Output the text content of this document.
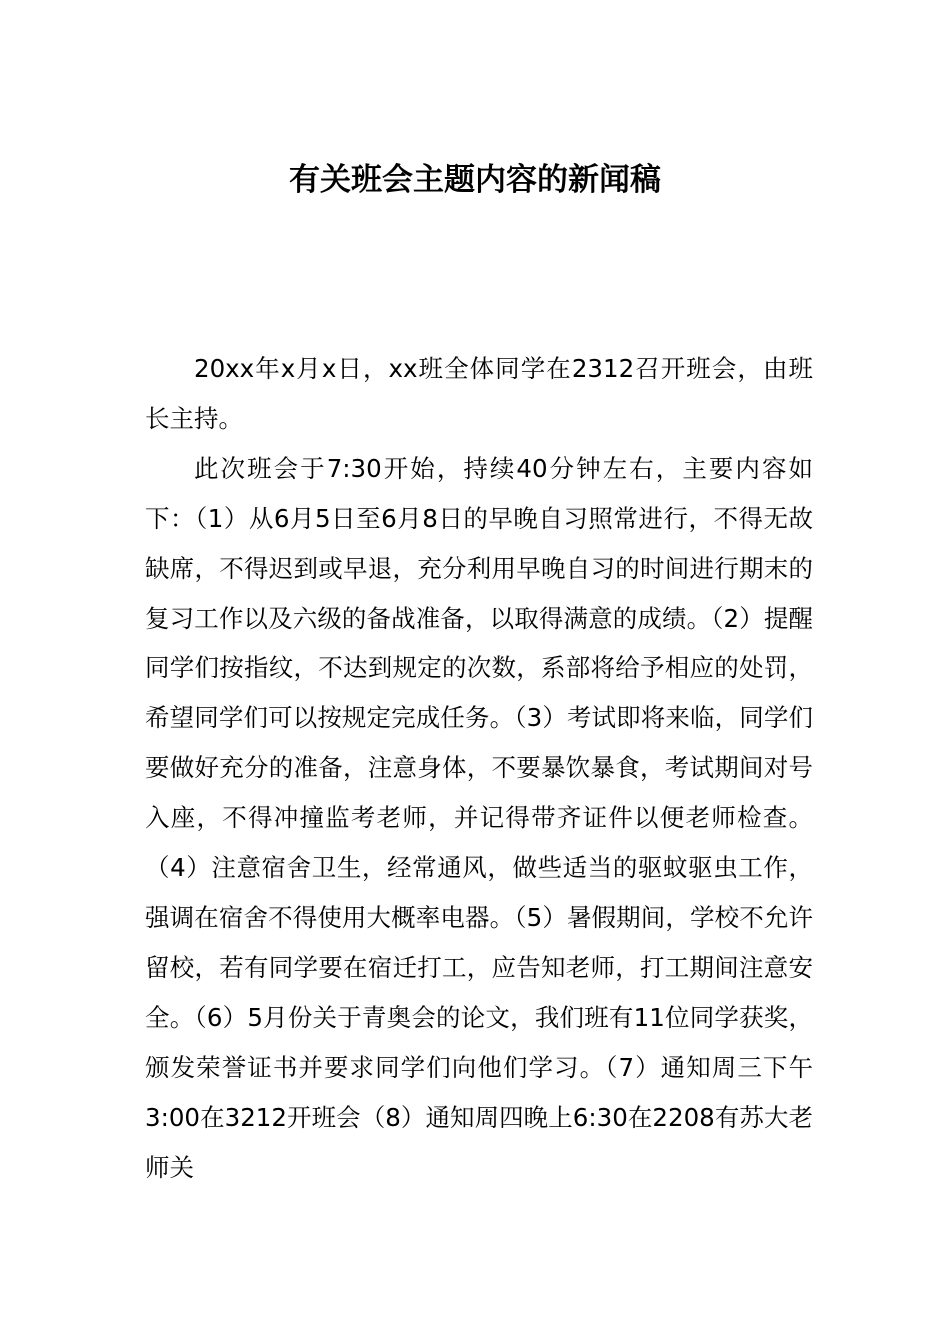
有关班会主题内容的新闻稿

20xx年x月x日，xx班全体同学在2312召开班会，由班长主持。

此次班会于7:30开始，持续40分钟左右，主要内容如下：（1）从6月5日至6月8日的早晚自习照常进行，不得无故缺席，不得迟到或早退，充分利用早晚自习的时间进行期末的复习工作以及六级的备战准备，以取得满意的成绩。（2）提醒同学们按指纹，不达到规定的次数，系部将给予相应的处罚，希望同学们可以按规定完成任务。（3）考试即将来临，同学们要做好充分的准备，注意身体，不要暴饮暴食，考试期间对号入座，不得冲撞监考老师，并记得带齐证件以便老师检查。（4）注意宿舍卫生，经常通风，做些适当的驱蚊驱虫工作，强调在宿舍不得使用大概率电器。（5）暑假期间，学校不允许留校，若有同学要在宿迁打工，应告知老师，打工期间注意安全。（6）5月份关于青奥会的论文，我们班有11位同学获奖，颁发荣誉证书并要求同学们向他们学习。（7）通知周三下午3:00在3212开班会（8）通知周四晚上6:30在2208有苏大老师关
